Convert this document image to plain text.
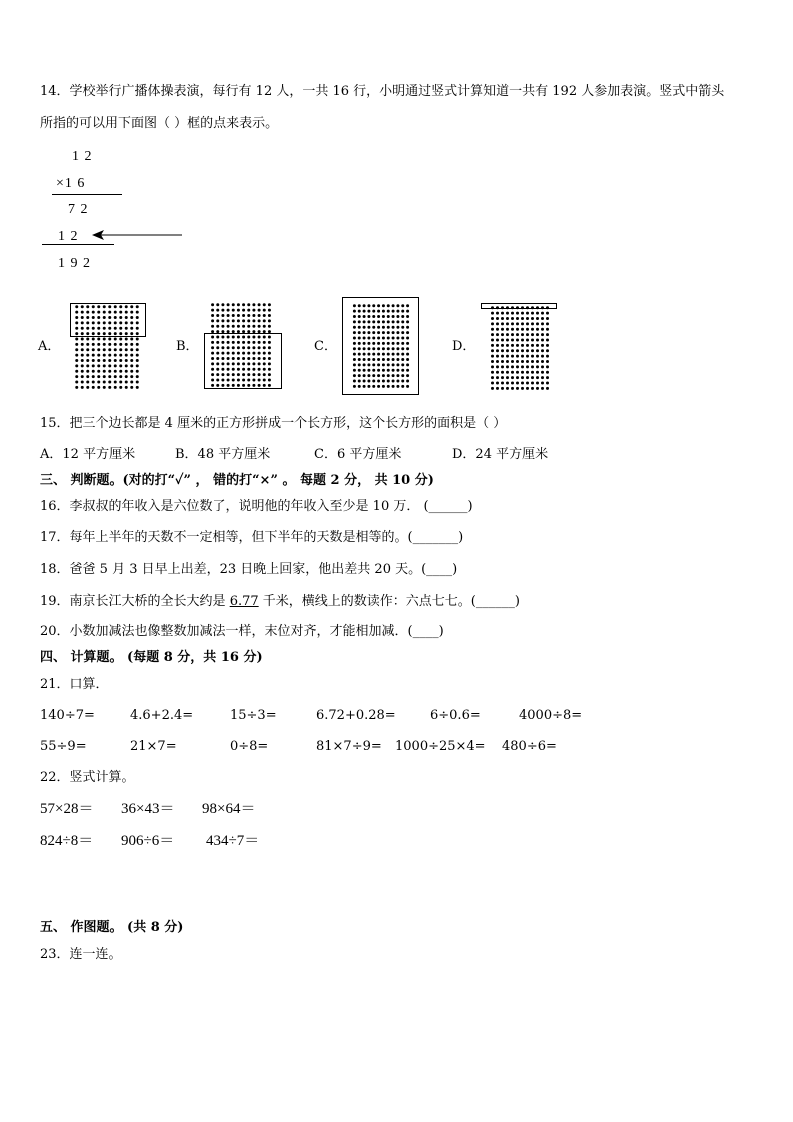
14．学校举行广播体操表演，每行有 12 人，一共 16 行，小明通过竖式计算知道一共有 192 人参加表演。竖式中箭头
所指的可以用下面图（ ）框的点来表示。
1 2
×1 6
7 2
1 2
1 9 2
A．	B．	C．	D．
15．把三个边长都是 4 厘米的正方形拼成一个长方形，这个长方形的面积是（ ）
A．12 平方厘米	B．48 平方厘米	C．6 平方厘米	D．24 平方厘米
三、 判断题。(对的打“✓” ， 错的打“×” 。 每题 2 分， 共 10 分)
16．李叔叔的年收入是六位数了，说明他的年收入至少是 10 万． (______)
17．每年上半年的天数不一定相等，但下半年的天数是相等的。(_______)
18．爸爸 5 月 3 日早上出差，23 日晚上回家，他出差共 20 天。(____)
19．南京长江大桥的全长大约是 6.77 千米，横线上的数读作：六点七七。(______)
20．小数加减法也像整数加减法一样，末位对齐，才能相加减．(____)
四、 计算题。 (每题 8 分，共 16 分)
21．口算．
140÷7=	4.6+2.4=	15÷3=	6.72+0.28=	6÷0.6=	4000÷8=
55÷9=	21×7=	0÷8=	81×7÷9= 1000÷25×4= 480÷6=
22．竖式计算。
57×28＝ 36×43＝ 98×64＝
824÷8＝ 906÷6＝ 434÷7＝
五、 作图题。 (共 8 分)
23．连一连。
